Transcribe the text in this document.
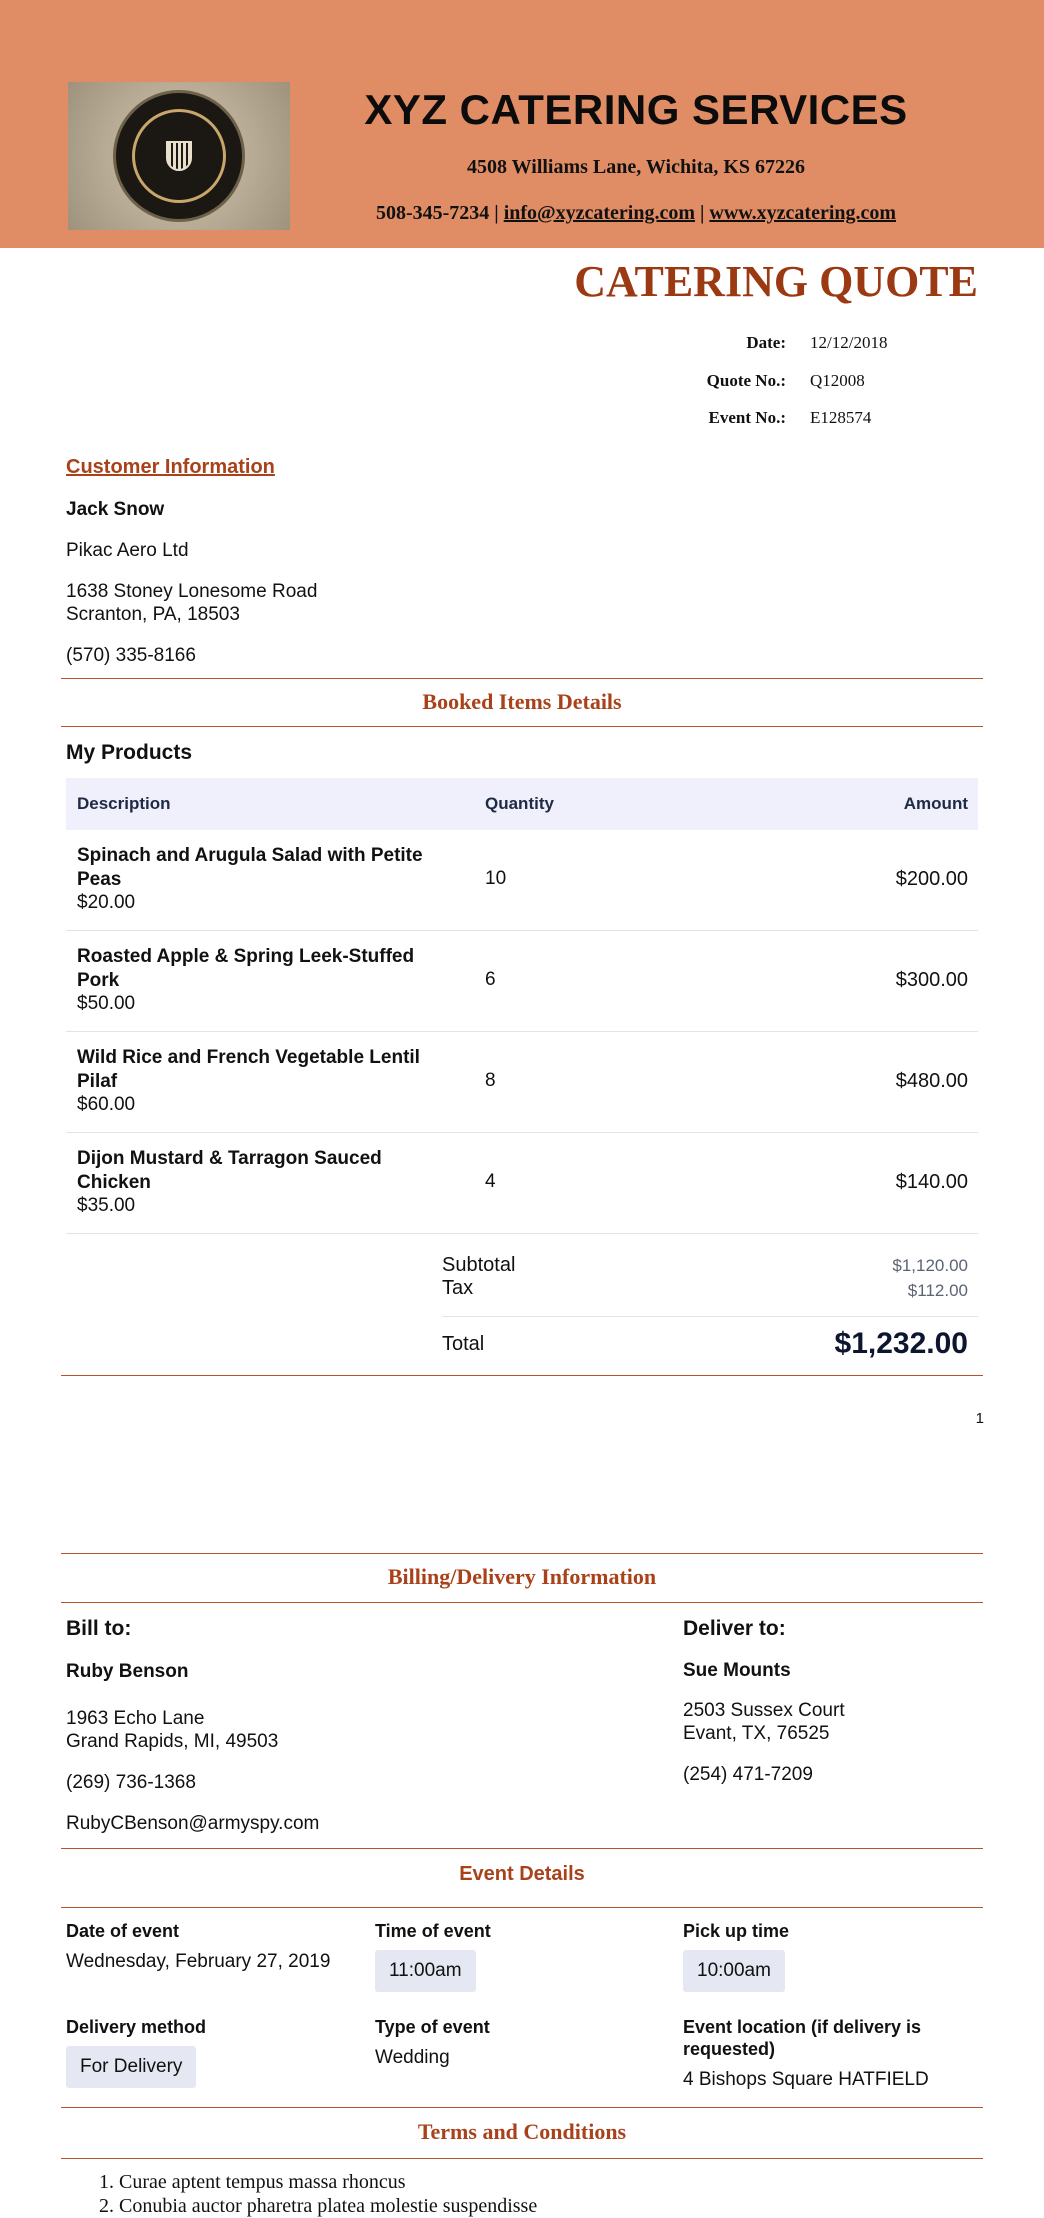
XYZ CATERING SERVICES
4508 Williams Lane, Wichita, KS 67226
508-345-7234 | info@xyzcatering.com | www.xyzcatering.com
CATERING QUOTE
Date: 12/12/2018
Quote No.: Q12008
Event No.: E128574
Customer Information
Jack Snow
Pikac Aero Ltd
1638 Stoney Lonesome Road
Scranton, PA, 18503
(570) 335-8166
Booked Items Details
My Products
Description	Quantity	Amount
Spinach and Arugula Salad with Petite Peas
$20.00
10	$200.00
Roasted Apple & Spring Leek-Stuffed Pork
$50.00
6	$300.00
Wild Rice and French Vegetable Lentil Pilaf
$60.00
8	$480.00
Dijon Mustard & Tarragon Sauced Chicken
$35.00
4	$140.00
Subtotal	$1,120.00
Tax	$112.00
Total	$1,232.00
1
Billing/Delivery Information
Bill to:
Ruby Benson
1963 Echo Lane
Grand Rapids, MI, 49503
(269) 736-1368
RubyCBenson@armyspy.com
Deliver to:
Sue Mounts
2503 Sussex Court
Evant, TX, 76525
(254) 471-7209
Event Details
Date of event
Wednesday, February 27, 2019
Time of event
11:00am
Pick up time
10:00am
Delivery method
For Delivery
Type of event
Wedding
Event location (if delivery is requested)
4 Bishops Square HATFIELD
Terms and Conditions
1. Curae aptent tempus massa rhoncus
2. Conubia auctor pharetra platea molestie suspendisse
